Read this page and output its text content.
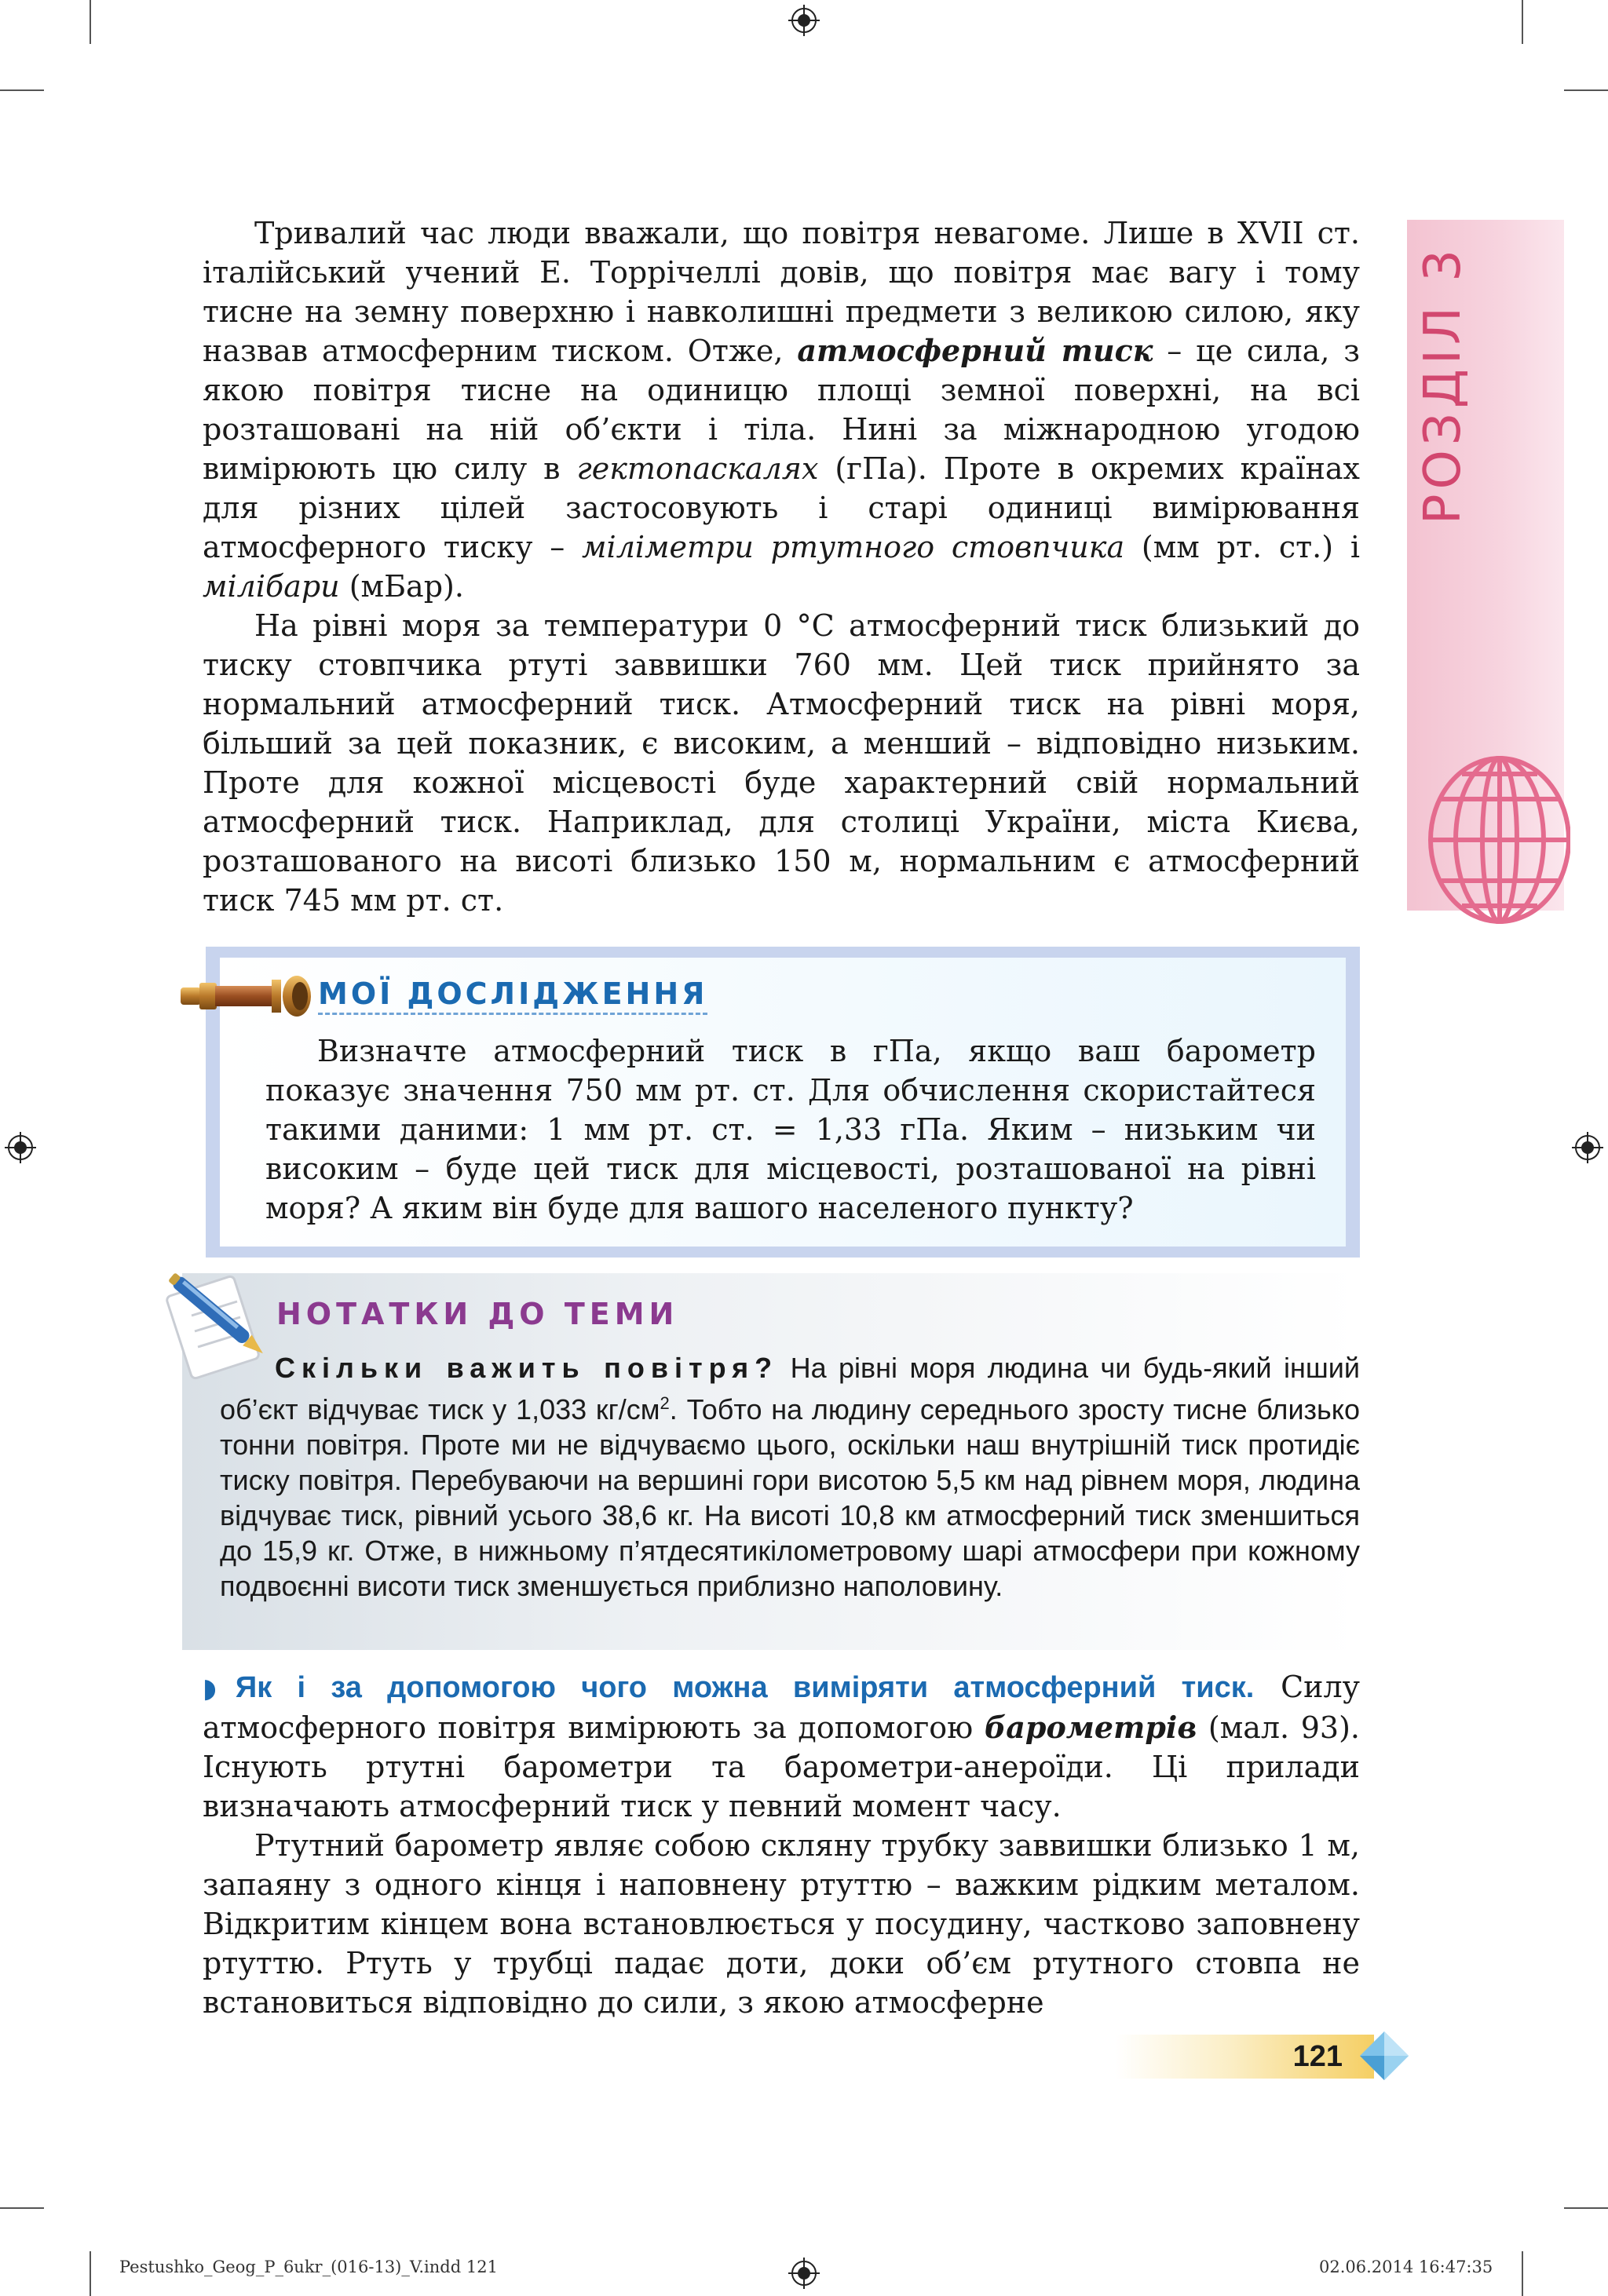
РОЗДІЛ 3

Тривалий час люди вважали, що повітря невагоме. Лише в XVII ст. італійський учений Е. Торрічеллі довів, що повітря має вагу і тому тисне на земну поверхню і навколишні предмети з великою силою, яку назвав атмосферним тиском. Отже, атмосферний тиск – це сила, з якою повітря тисне на одиницю площі земної поверхні, на всі розташовані на ній об’єкти і тіла. Нині за міжнародною угодою вимірюють цю силу в гектопаскалях (гПа). Проте в окремих країнах для різних цілей застосовують і старі одиниці вимірювання атмосферного тиску – міліметри ртутного стовпчика (мм рт. ст.) і мілібари (мБар).

На рівні моря за температури 0 °С атмосферний тиск близький до тиску стовпчика ртуті заввишки 760 мм. Цей тиск прийнято за нормальний атмосферний тиск. Атмосферний тиск на рівні моря, більший за цей показник, є високим, а менший – відповідно низьким. Проте для кожної місцевості буде характерний свій нормальний атмосферний тиск. Наприклад, для столиці України, міста Києва, розташованого на висоті близько 150 м, нормальним є атмосферний тиск 745 мм рт. ст.

МОЇ ДОСЛІДЖЕННЯ

Визначте атмосферний тиск в гПа, якщо ваш барометр показує значення 750 мм рт. ст. Для обчислення скористайтеся такими даними: 1 мм рт. ст. = 1,33 гПа. Яким – низьким чи високим – буде цей тиск для місцевості, розташованої на рівні моря? А яким він буде для вашого населеного пункту?

НОТАТКИ ДО ТЕМИ

Скільки важить повітря? На рівні моря людина чи будь-який інший об’єкт відчуває тиск у 1,033 $кг/см^2$. Тобто на людину середнього зросту тисне близько тонни повітря. Проте ми не відчуваємо цього, оскільки наш внутрішній тиск протидіє тиску повітря. Перебуваючи на вершині гори висотою 5,5 км над рівнем моря, людина відчуває тиск, рівний усього 38,6 кг. На висоті 10,8 км атмосферний тиск зменшиться до 15,9 кг. Отже, в нижньому п’ятдесятикілометровому шарі атмосфери при кожному подвоєнні висоти тиск зменшується приблизно наполовину.

◗ Як і за допомогою чого можна виміряти атмосферний тиск. Силу атмосферного повітря вимірюють за допомогою барометрів (мал. 93). Існують ртутні барометри та барометри-анероїди. Ці прилади визначають атмосферний тиск у певний момент часу.

Ртутний барометр являє собою скляну трубку заввишки близько 1 м, запаяну з одного кінця і наповнену ртуттю – важким рідким металом. Відкритим кінцем вона встановлюється у посудину, частково заповнену ртуттю. Ртуть у трубці падає доти, доки об’єм ртутного стовпа не встановиться відповідно до сили, з якою атмосферне

121
Pestushko_Geog_P_6ukr_(016-13)_V.indd 121	02.06.2014 16:47:35
